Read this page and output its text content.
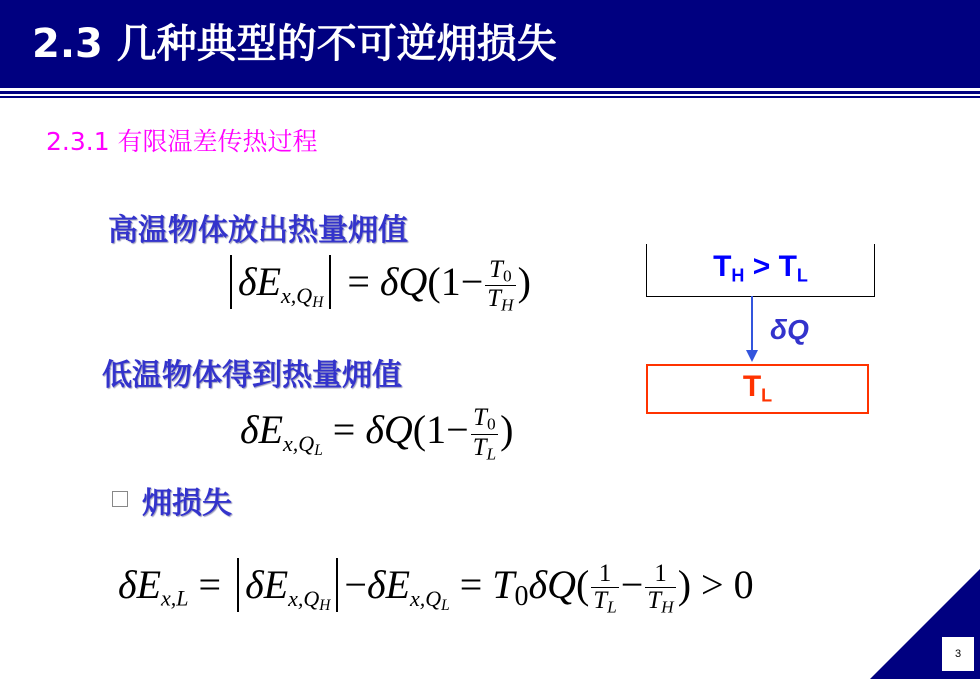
2.3 几种典型的不可逆㶲损失
2.3.1 有限温差传热过程
高温物体放出热量㶲值
$\delta E_{x,QH} = \delta Q(1- \frac{T0}{TH}$ )
低温物体得到热量㶲值
$\delta E_{x,QL} = \delta Q(1- \frac{T0}{TL}$ )
㶲损失
$\delta E_{x,L} = \delta E_{x,QH} -\delta E_{x,QL} = T0\delta Q( \frac{1}{TL} - \frac{1}{TH}$ ) > 0
TH > TL
δQ
TL
3
